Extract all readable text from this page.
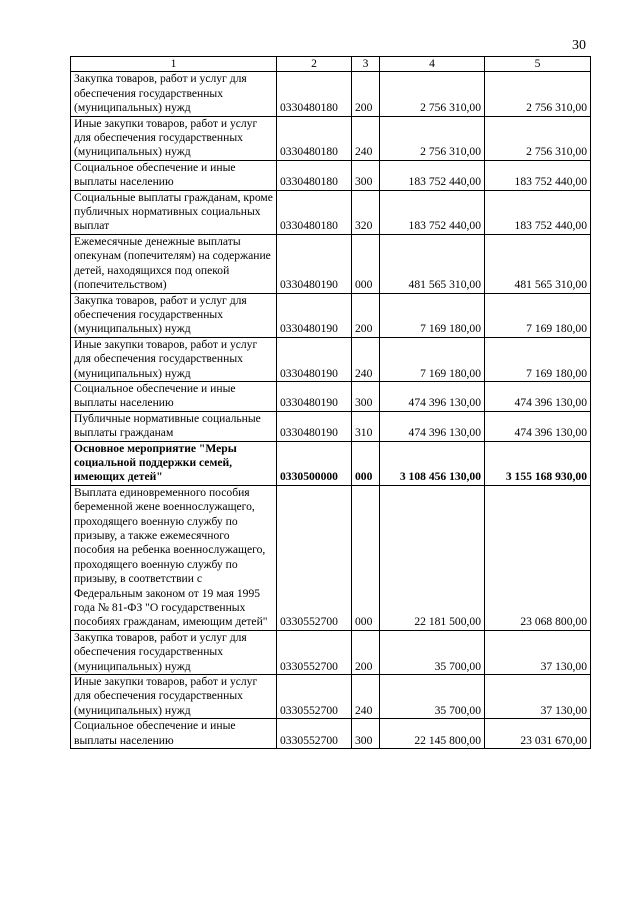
30
1	2	3	4	5
Закупка товаров, работ и услуг для обеспечения государственных (муниципальных) нужд	0330480180	200	2 756 310,00	2 756 310,00
Иные закупки товаров, работ и услуг для обеспечения государственных (муниципальных) нужд	0330480180	240	2 756 310,00	2 756 310,00
Социальное обеспечение и иные выплаты населению	0330480180	300	183 752 440,00	183 752 440,00
Социальные выплаты гражданам, кроме публичных нормативных социальных выплат	0330480180	320	183 752 440,00	183 752 440,00
Ежемесячные денежные выплаты опекунам (попечителям) на содержание детей, находящихся под опекой (попечительством)	0330480190	000	481 565 310,00	481 565 310,00
Закупка товаров, работ и услуг для обеспечения государственных (муниципальных) нужд	0330480190	200	7 169 180,00	7 169 180,00
Иные закупки товаров, работ и услуг для обеспечения государственных (муниципальных) нужд	0330480190	240	7 169 180,00	7 169 180,00
Социальное обеспечение и иные выплаты населению	0330480190	300	474 396 130,00	474 396 130,00
Публичные нормативные социальные выплаты гражданам	0330480190	310	474 396 130,00	474 396 130,00
Основное мероприятие "Меры социальной поддержки семей, имеющих детей"	0330500000	000	3 108 456 130,00	3 155 168 930,00
Выплата единовременного пособия беременной жене военнослужащего, проходящего военную службу по призыву, а также ежемесячного пособия на ребенка военнослужащего, проходящего военную службу по призыву, в соответствии с Федеральным законом от 19 мая 1995 года № 81-ФЗ "О государственных пособиях гражданам, имеющим детей"	0330552700	000	22 181 500,00	23 068 800,00
Закупка товаров, работ и услуг для обеспечения государственных (муниципальных) нужд	0330552700	200	35 700,00	37 130,00
Иные закупки товаров, работ и услуг для обеспечения государственных (муниципальных) нужд	0330552700	240	35 700,00	37 130,00
Социальное обеспечение и иные выплаты населению	0330552700	300	22 145 800,00	23 031 670,00
